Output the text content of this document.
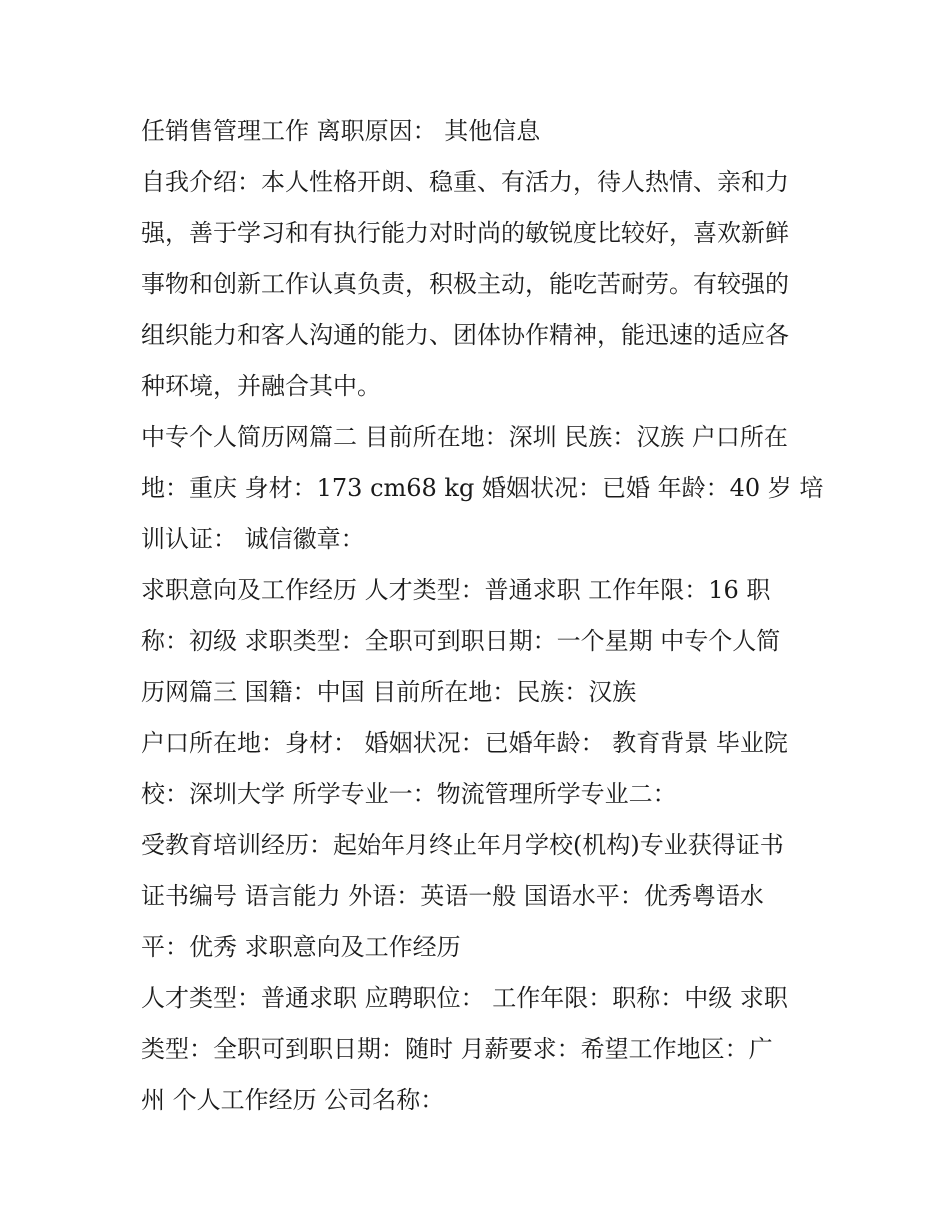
任销售管理工作 离职原因： 其他信息
自我介绍：本人性格开朗、稳重、有活力，待人热情、亲和力
强，善于学习和有执行能力对时尚的敏锐度比较好，喜欢新鲜
事物和创新工作认真负责，积极主动，能吃苦耐劳。有较强的
组织能力和客人沟通的能力、团体协作精神，能迅速的适应各
种环境，并融合其中。
中专个人简历网篇二 目前所在地：深圳 民族：汉族 户口所在
地：重庆 身材：173 cm68 kg 婚姻状况：已婚 年龄：40 岁 培
训认证： 诚信徽章：
求职意向及工作经历 人才类型：普通求职 工作年限：16 职
称：初级 求职类型：全职可到职日期：一个星期 中专个人简
历网篇三 国籍：中国 目前所在地：民族：汉族
户口所在地：身材： 婚姻状况：已婚年龄： 教育背景 毕业院
校：深圳大学 所学专业一：物流管理所学专业二：
受教育培训经历：起始年月终止年月学校(机构)专业获得证书
证书编号 语言能力 外语：英语一般 国语水平：优秀粤语水
平：优秀 求职意向及工作经历
人才类型：普通求职 应聘职位： 工作年限：职称：中级 求职
类型：全职可到职日期：随时 月薪要求：希望工作地区：广
州 个人工作经历 公司名称：
